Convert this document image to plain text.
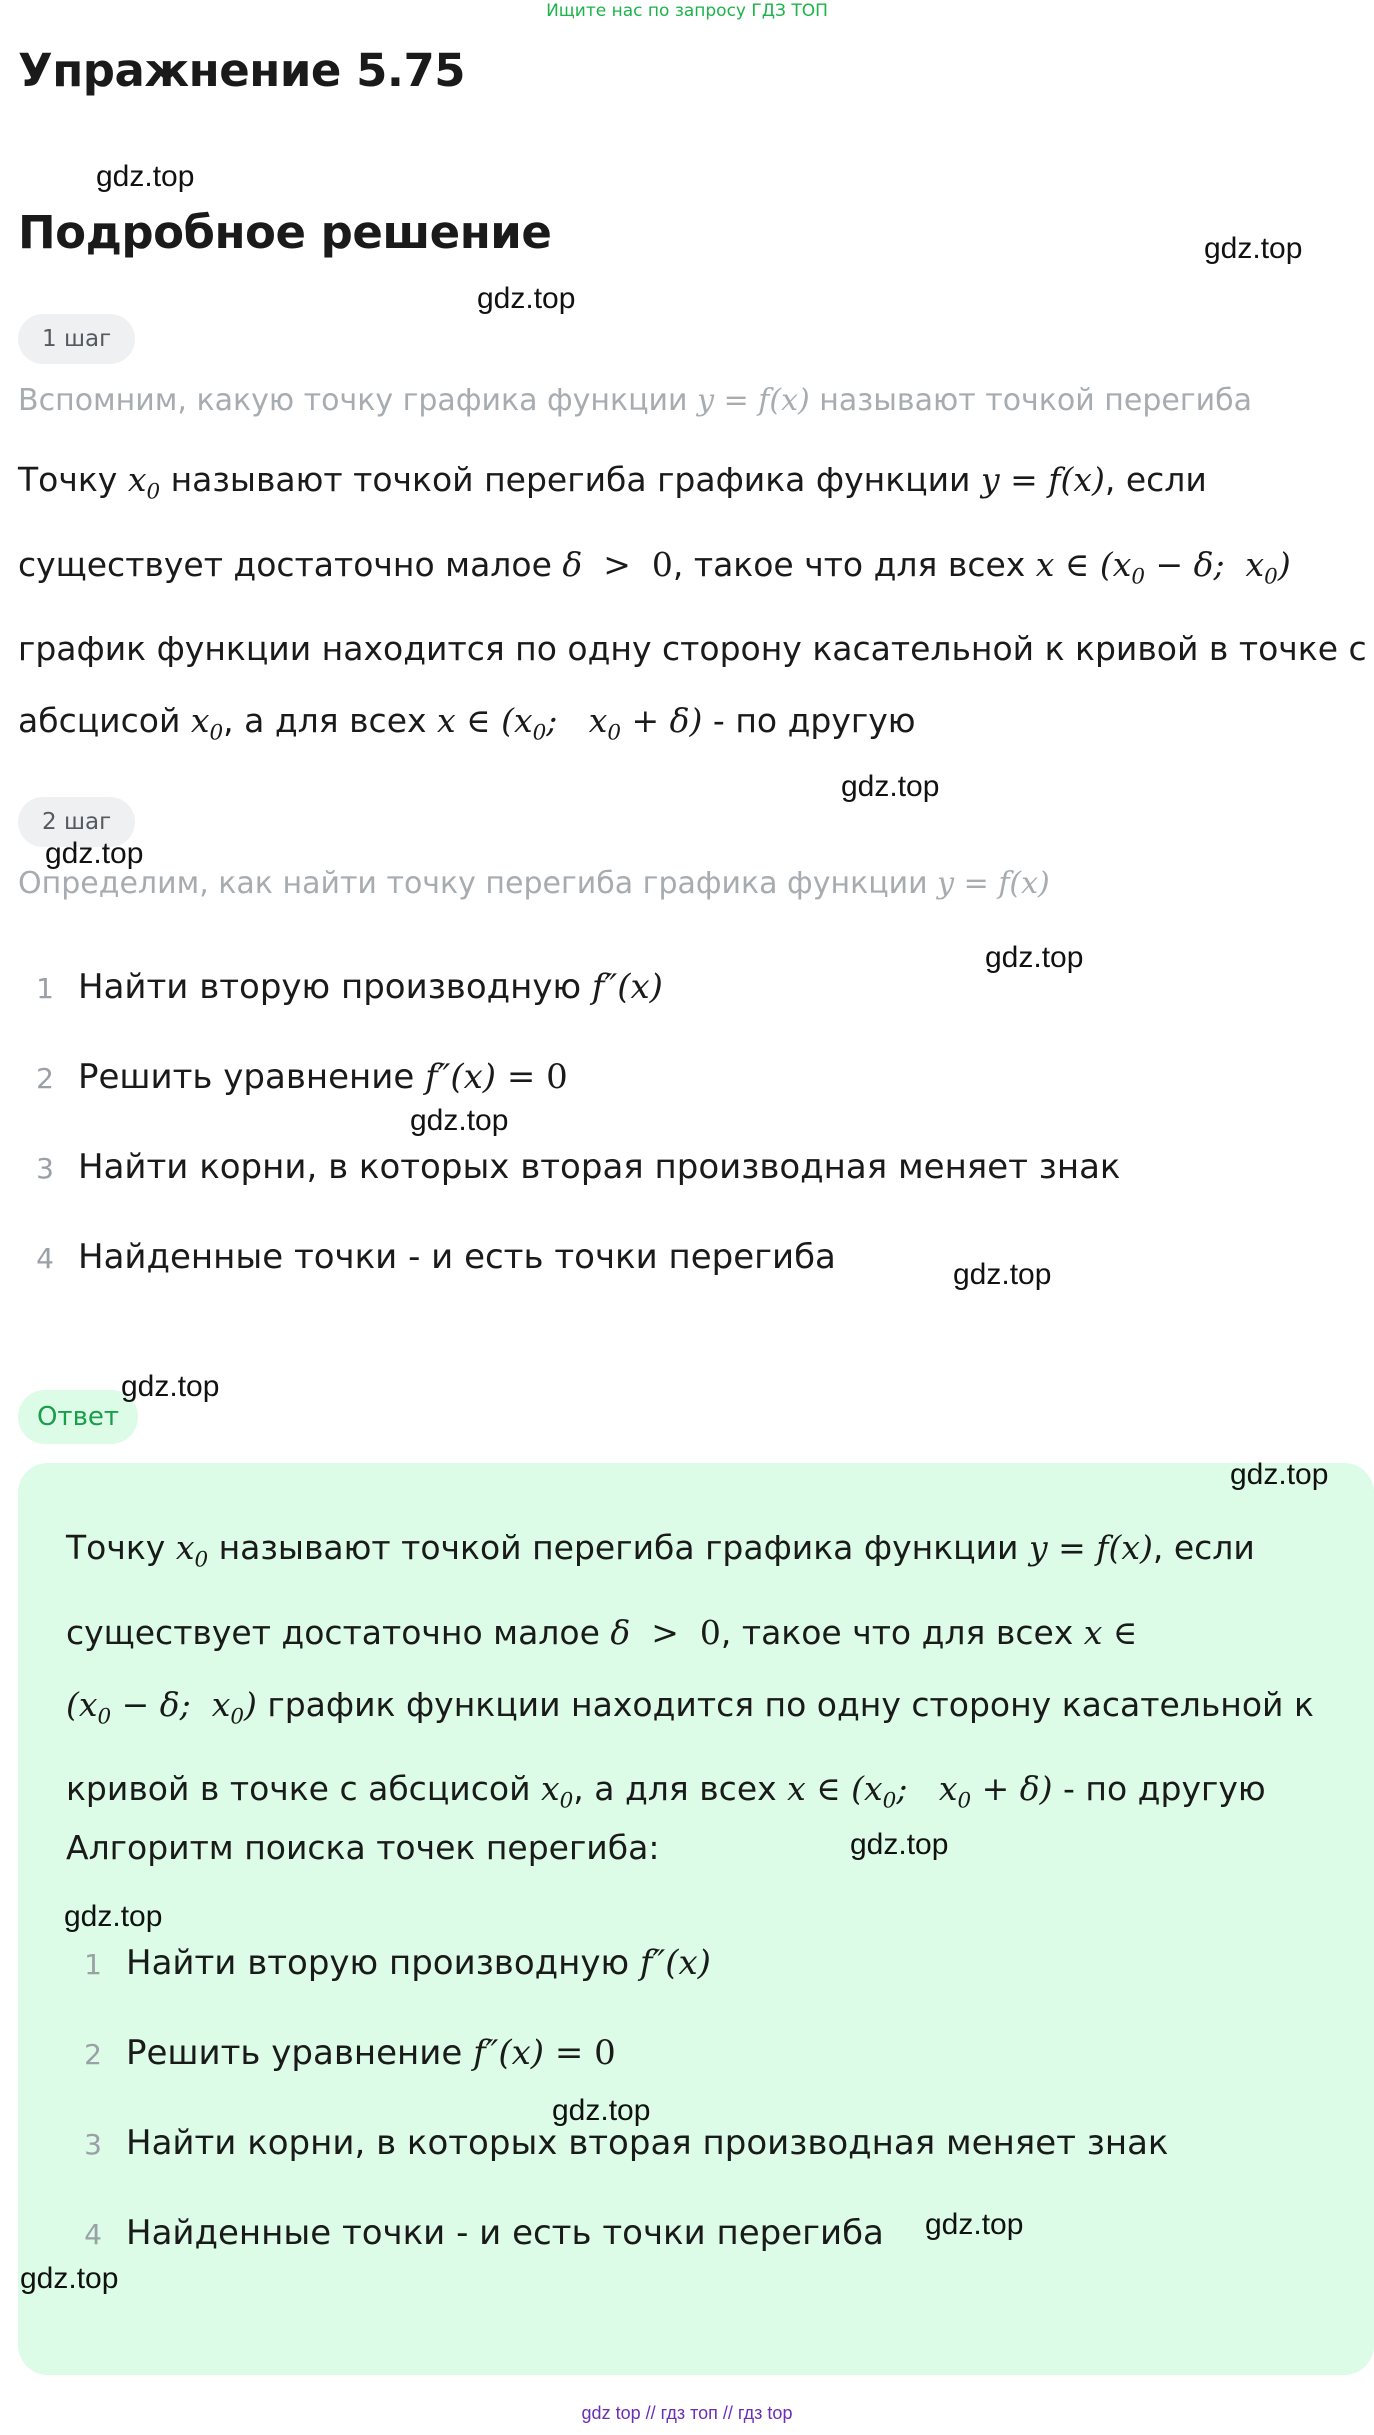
Ищите нас по запросу ГДЗ ТОП
Упражнение 5.75
Подробное решение
1 шаг
Вспомним, какую точку графика функции y = f(x) называют точкой перегиба
Точку $x_0$ называют точкой перегиба графика функции y = f(x), если
существует достаточно малое δ  >  0, такое что для всех x ∈ ($x_0 - \delta$;  $x_0$)
график функции находится по одну сторону касательной к кривой в точке с
абсцисой $x_0$, а для всех x ∈ ($x_0$;   $x_0 + \delta$) - по другую
2 шаг
Определим, как найти точку перегиба графика функции y = f(x)
1 Найти вторую производную f″(x)
2 Решить уравнение f″(x) = 0
3 Найти корни, в которых вторая производная меняет знак
4 Найденные точки - и есть точки перегиба
Ответ
Точку $x_0$ называют точкой перегиба графика функции y = f(x), если
существует достаточно малое δ  >  0, такое что для всех x ∈
($x_0 - \delta$;  $x_0$) график функции находится по одну сторону касательной к
кривой в точке с абсцисой $x_0$, а для всех x ∈ ($x_0$;   $x_0 + \delta$) - по другую
Алгоритм поиска точек перегиба:
1 Найти вторую производную f″(x)
2 Решить уравнение f″(x) = 0
3 Найти корни, в которых вторая производная меняет знак
4 Найденные точки - и есть точки перегиба
gdz.top
gdz.top
gdz.top
gdz.top
gdz.top
gdz.top
gdz.top
gdz.top
gdz.top
gdz.top
gdz.top
gdz.top
gdz.top
gdz.top
gdz.top
gdz top // гдз топ // гдз top
